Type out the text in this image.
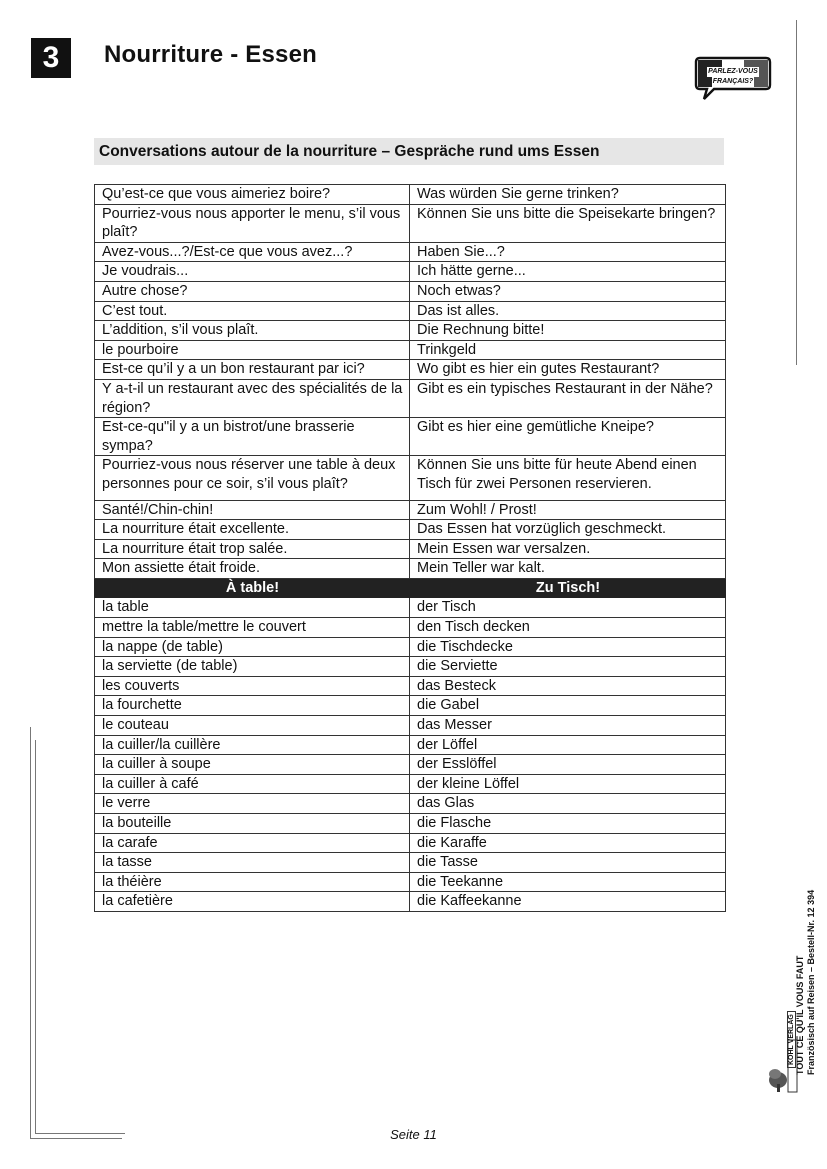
3	Nourriture - Essen
PARLEZ-VOUS
FRANÇAIS?
Conversations autour de la nourriture – Gespräche rund ums Essen
Qu’est-ce que vous aimeriez boire?	Was würden Sie gerne trinken?
Pourriez-vous nous apporter le menu, s’il vous plaît?	Können Sie uns bitte die Speisekarte bringen?
Avez-vous...?/Est-ce que vous avez...?	Haben Sie...?
Je voudrais...	Ich hätte gerne...
Autre chose?	Noch etwas?
C’est tout.	Das ist alles.
L’addition, s’il vous plaît.	Die Rechnung bitte!
le pourboire	Trinkgeld
Est-ce qu’il y a un bon restaurant par ici?	Wo gibt es hier ein gutes Restaurant?
Y a-t-il un restaurant avec des spécialités de la région?	Gibt es ein typisches Restaurant in der Nähe?
Est-ce-qu"il y a un bistrot/une brasserie sympa?	Gibt es hier eine gemütliche Kneipe?
Pourriez-vous nous réserver une table à deux personnes pour ce soir, s’il vous plaît?	Können Sie uns bitte für heute Abend einen Tisch für zwei Personen reservieren.
Santé!/Chin-chin!	Zum Wohl! / Prost!
La nourriture était excellente.	Das Essen hat vorzüglich geschmeckt.
La nourriture était trop salée.	Mein Essen war versalzen.
Mon assiette était froide.	Mein Teller war kalt.
À table!	Zu Tisch!
la table	der Tisch
mettre la table/mettre le couvert	den Tisch decken
la nappe (de table)	die Tischdecke
la serviette (de table)	die Serviette
les couverts	das Besteck
la fourchette	die Gabel
le couteau	das Messer
la cuiller/la cuillère	der Löffel
la cuiller à soupe	der Esslöffel
la cuiller à café	der kleine Löffel
le verre	das Glas
la bouteille	die Flasche
la carafe	die Karaffe
la tasse	die Tasse
la théière	die Teekanne
la cafetière	die Kaffeekanne
Seite 11
TOUT CE QU'IL VOUS FAUT Französisch auf Reisen – Bestell-Nr. 12 394
KOHL VERLAG
